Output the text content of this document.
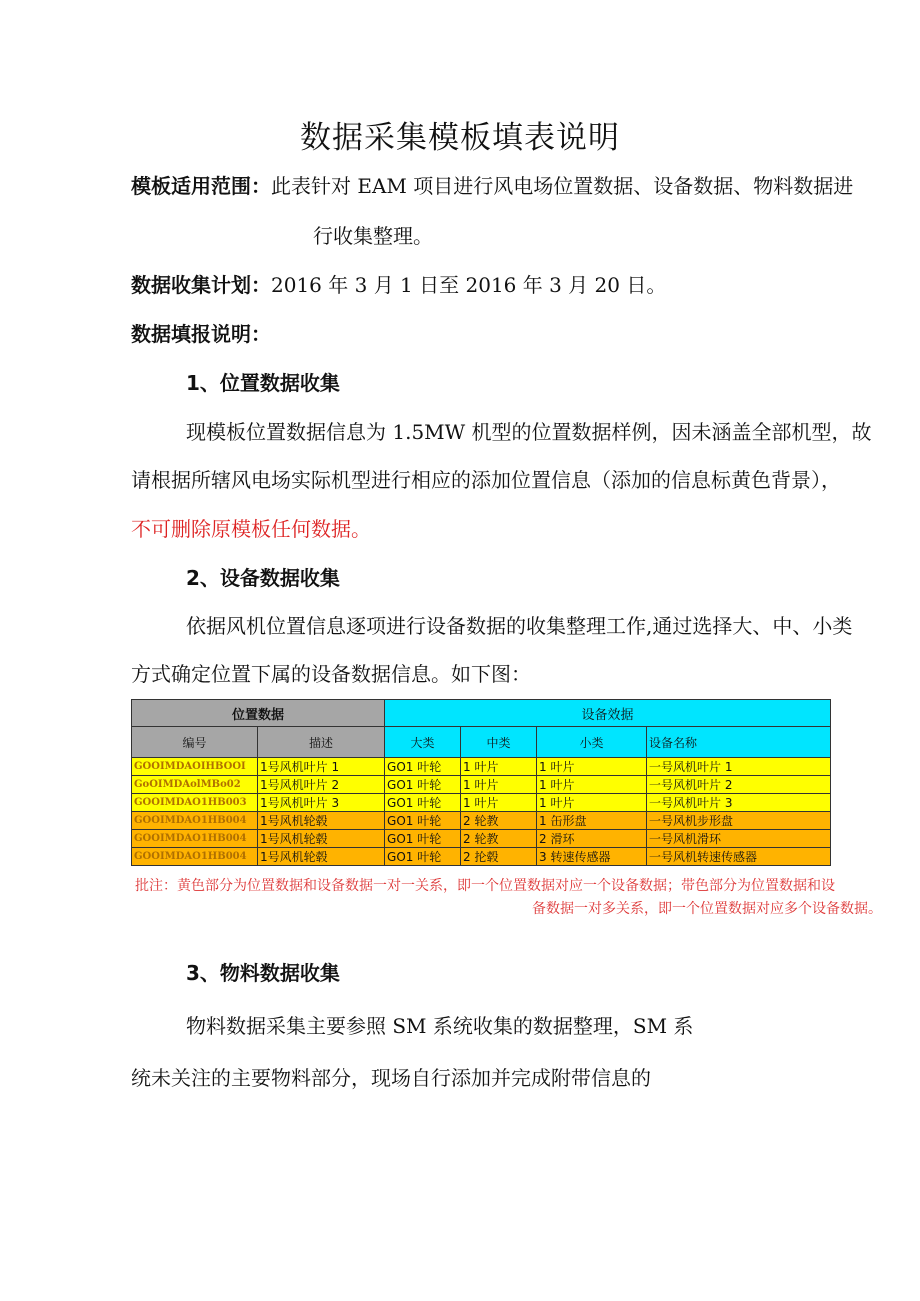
数据采集模板填表说明
模板适用范围：此表针对 EAM 项目进行风电场位置数据、设备数据、物料数据进
行收集整理。
数据收集计划：2016 年 3 月 1 日至 2016 年 3 月 20 日。
数据填报说明：
1、位置数据收集
现模板位置数据信息为 1.5MW 机型的位置数据样例，因未涵盖全部机型，故
请根据所辖风电场实际机型进行相应的添加位置信息（添加的信息标黄色背景），
不可删除原模板任何数据。
2、设备数据收集
依据风机位置信息逐项进行设备数据的收集整理工作,通过选择大、中、小类
方式确定位置下属的设备数据信息。如下图：
位置数据		设备效据			
编号	描述	大类	中类	小类	设备名称
GOOIMDAOIHBOOI	1号风机叶片 1	GO1 叶轮	1 叶片	1 叶片	一号风机叶片 1
GoOIMDAolMBo02	1号风机叶片 2	GO1 叶轮	1 叶片	1 叶片	一号风机叶片 2
GOOIMDAO1HB003	1号风机叶片 3	GO1 叶轮	1 叶片	1 叶片	一号风机叶片 3
GOOIMDAO1HB004	1号风机轮毂	GO1 叶轮	2 轮教	1 缶形盘	一号风机步形盘
GOOIMDAO1HB004	1号风机轮毂	GO1 叶轮	2 轮教	2 滑环	一号风机滑环
GOOIMDAO1HB004	1号风机轮毂	GO1 叶轮	2 抡毂	3 转速传感器	一号风机转速传感器
批注：黄色部分为位置数据和设备数据一对一关系，即一个位置数据对应一个设备数据；带色部分为位置数据和设
备数据一对多关系，即一个位置数据对应多个设备数据。
3、物料数据收集
物料数据采集主要参照 SM 系统收集的数据整理，SM 系
统未关注的主要物料部分，现场自行添加并完成附带信息的
